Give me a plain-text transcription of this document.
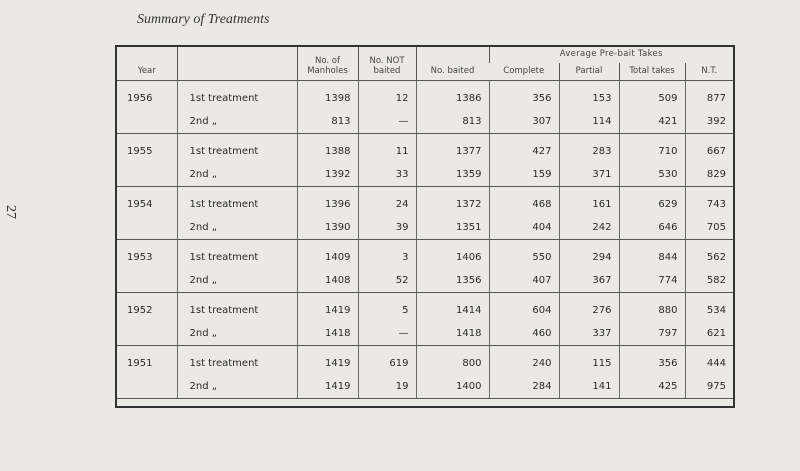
Summary of Treatments
27
Year		No. of Manholes	No. NOT baited	No. baited	Average Pre-bait Takes			
					Complete	Partial	Total takes	N.T.
1956	1st treatment	1398	12	1386	356	153	509	877
	2nd „	813	—	813	307	114	421	392
1955	1st treatment	1388	11	1377	427	283	710	667
	2nd „	1392	33	1359	159	371	530	829
1954	1st treatment	1396	24	1372	468	161	629	743
	2nd „	1390	39	1351	404	242	646	705
1953	1st treatment	1409	3	1406	550	294	844	562
	2nd „	1408	52	1356	407	367	774	582
1952	1st treatment	1419	5	1414	604	276	880	534
	2nd „	1418	—	1418	460	337	797	621
1951	1st treatment	1419	619	800	240	115	356	444
	2nd „	1419	19	1400	284	141	425	975
